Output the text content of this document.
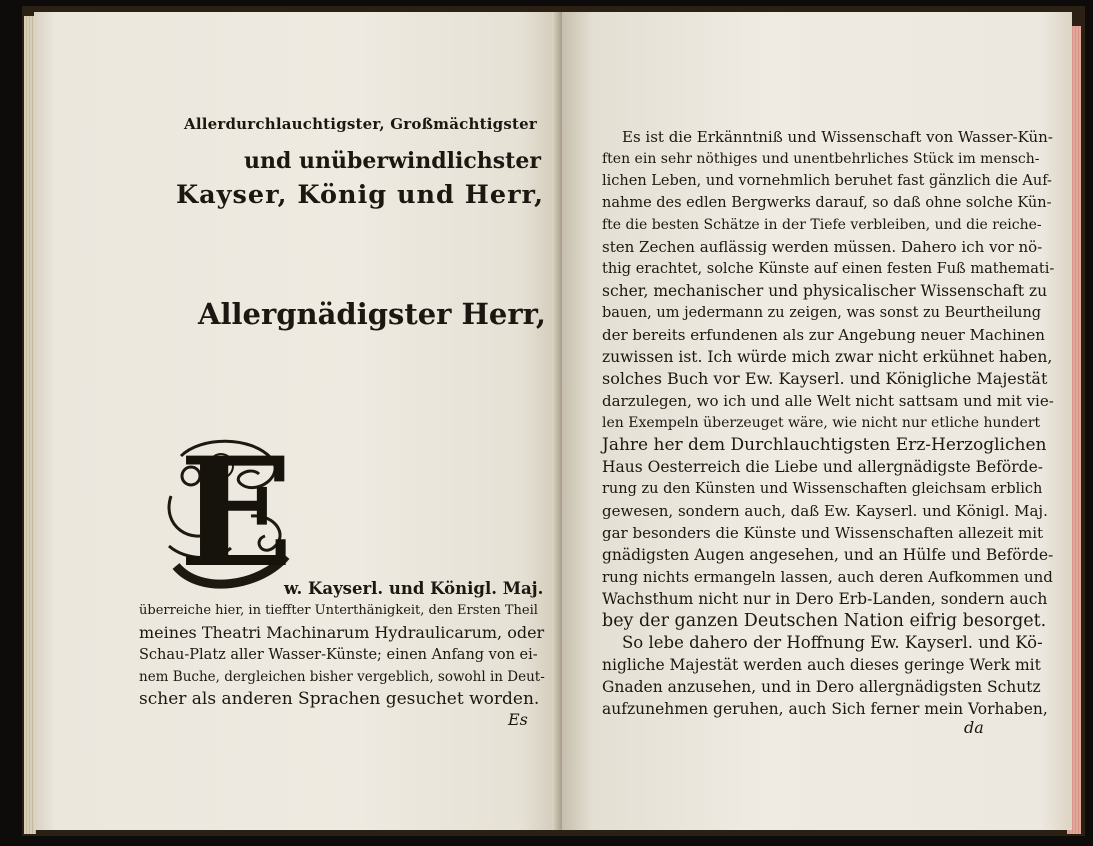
Allerdurchlauchtigster, Großmächtigster
und unüberwindlichster
Kayser, König und Herr,
Allergnädigster Herr,
E
w. Kayserl. und Königl. Maj.
überreiche hier, in tieffter Unterthänigkeit, den Ersten Theil
meines Theatri Machinarum Hydraulicarum, oder
Schau-Platz aller Wasser-Künste; einen Anfang von ei-
nem Buche, dergleichen bisher vergeblich, sowohl in Deut-
scher als anderen Sprachen gesuchet worden.
Es
Es ist die Erkänntniß und Wissenschaft von Wasser-Kün-
ften ein sehr nöthiges und unentbehrliches Stück im mensch-
lichen Leben, und vornehmlich beruhet fast gänzlich die Auf-
nahme des edlen Bergwerks darauf, so daß ohne solche Kün-
fte die besten Schätze in der Tiefe verbleiben, und die reiche-
sten Zechen auflässig werden müssen. Dahero ich vor nö-
thig erachtet, solche Künste auf einen festen Fuß mathemati-
scher, mechanischer und physicalischer Wissenschaft zu
bauen, um jedermann zu zeigen, was sonst zu Beurtheilung
der bereits erfundenen als zur Angebung neuer Machinen
zuwissen ist. Ich würde mich zwar nicht erkühnet haben,
solches Buch vor Ew. Kayserl. und Königliche Majestät
darzulegen, wo ich und alle Welt nicht sattsam und mit vie-
len Exempeln überzeuget wäre, wie nicht nur etliche hundert
Jahre her dem Durchlauchtigsten Erz-Herzoglichen
Haus Oesterreich die Liebe und allergnädigste Beförde-
rung zu den Künsten und Wissenschaften gleichsam erblich
gewesen, sondern auch, daß Ew. Kayserl. und Königl. Maj.
gar besonders die Künste und Wissenschaften allezeit mit
gnädigsten Augen angesehen, und an Hülfe und Beförde-
rung nichts ermangeln lassen, auch deren Aufkommen und
Wachsthum nicht nur in Dero Erb-Landen, sondern auch
bey der ganzen Deutschen Nation eifrig besorget.
So lebe dahero der Hoffnung Ew. Kayserl. und Kö-
nigliche Majestät werden auch dieses geringe Werk mit
Gnaden anzusehen, und in Dero allergnädigsten Schutz
aufzunehmen geruhen, auch Sich ferner mein Vorhaben,
da
